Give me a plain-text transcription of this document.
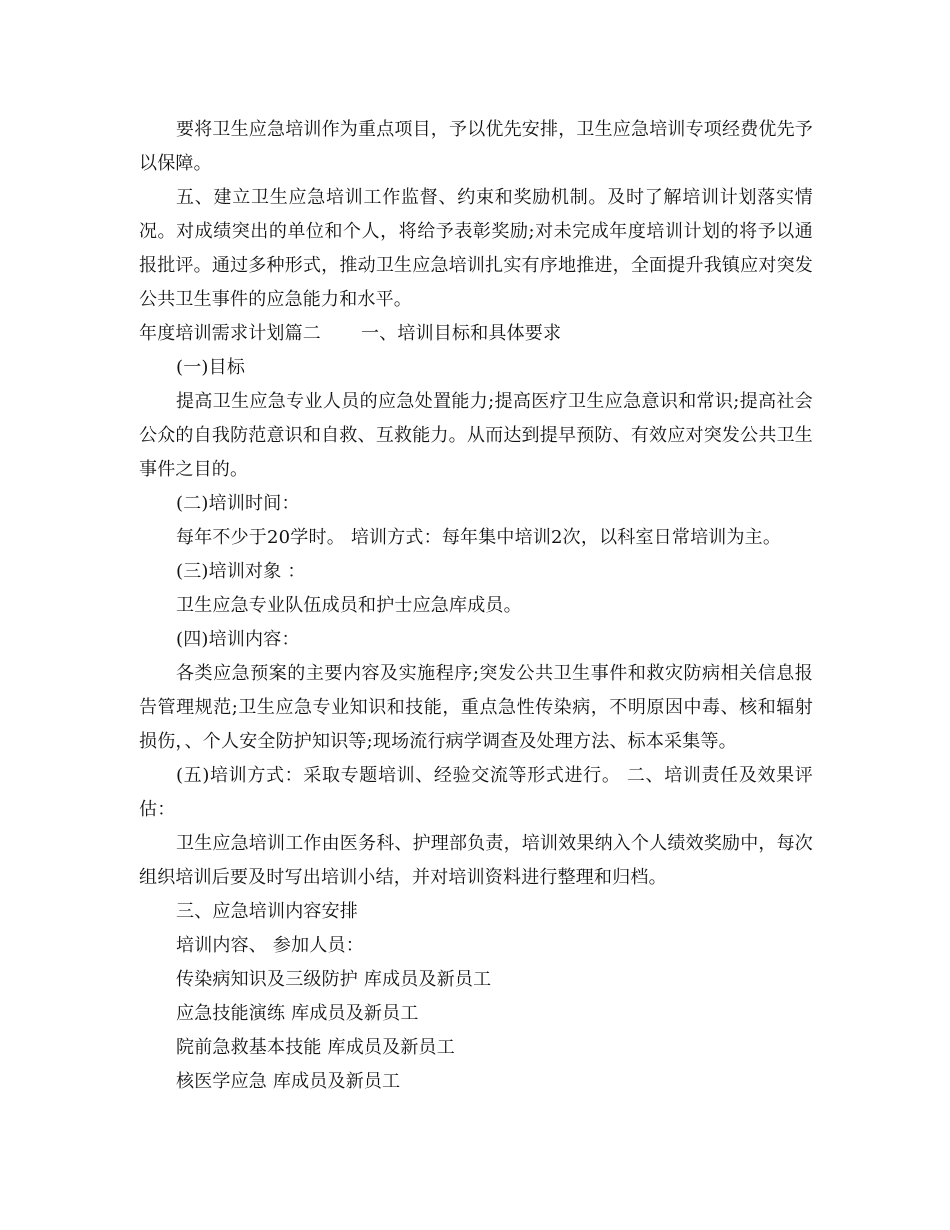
要将卫生应急培训作为重点项目，予以优先安排，卫生应急培训专项经费优先予以保障。

五、建立卫生应急培训工作监督、约束和奖励机制。及时了解培训计划落实情况。对成绩突出的单位和个人，将给予表彰奖励;对未完成年度培训计划的将予以通报批评。通过多种形式，推动卫生应急培训扎实有序地推进，全面提升我镇应对突发公共卫生事件的应急能力和水平。

年度培训需求计划篇二 一、培训目标和具体要求

(一)目标

提高卫生应急专业人员的应急处置能力;提高医疗卫生应急意识和常识;提高社会公众的自我防范意识和自救、互救能力。从而达到提早预防、有效应对突发公共卫生事件之目的。

(二)培训时间：

每年不少于20学时。 培训方式：每年集中培训2次，以科室日常培训为主。

(三)培训对象 ：

卫生应急专业队伍成员和护士应急库成员。

(四)培训内容：

各类应急预案的主要内容及实施程序;突发公共卫生事件和救灾防病相关信息报告管理规范;卫生应急专业知识和技能，重点急性传染病，不明原因中毒、核和辐射损伤，、个人安全防护知识等;现场流行病学调查及处理方法、标本采集等。

(五)培训方式：采取专题培训、经验交流等形式进行。 二、培训责任及效果评估：

卫生应急培训工作由医务科、护理部负责，培训效果纳入个人绩效奖励中，每次组织培训后要及时写出培训小结，并对培训资料进行整理和归档。

三、应急培训内容安排

培训内容、 参加人员：

传染病知识及三级防护 库成员及新员工

应急技能演练 库成员及新员工

院前急救基本技能 库成员及新员工

核医学应急 库成员及新员工
